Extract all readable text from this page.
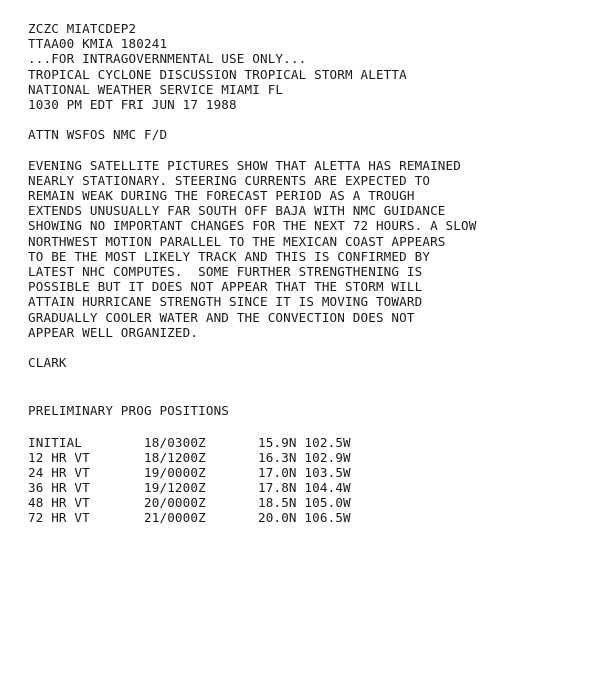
ZCZC MIATCDEP2
TTAA00 KMIA 180241
...FOR INTRAGOVERNMENTAL USE ONLY...
TROPICAL CYCLONE DISCUSSION TROPICAL STORM ALETTA
NATIONAL WEATHER SERVICE MIAMI FL
1030 PM EDT FRI JUN 17 1988
ATTN WSFOS NMC F/D
EVENING SATELLITE PICTURES SHOW THAT ALETTA HAS REMAINED
NEARLY STATIONARY. STEERING CURRENTS ARE EXPECTED TO
REMAIN WEAK DURING THE FORECAST PERIOD AS A TROUGH
EXTENDS UNUSUALLY FAR SOUTH OFF BAJA WITH NMC GUIDANCE
SHOWING NO IMPORTANT CHANGES FOR THE NEXT 72 HOURS. A SLOW
NORTHWEST MOTION PARALLEL TO THE MEXICAN COAST APPEARS
TO BE THE MOST LIKELY TRACK AND THIS IS CONFIRMED BY
LATEST NHC COMPUTES.  SOME FURTHER STRENGTHENING IS
POSSIBLE BUT IT DOES NOT APPEAR THAT THE STORM WILL
ATTAIN HURRICANE STRENGTH SINCE IT IS MOVING TOWARD
GRADUALLY COOLER WATER AND THE CONVECTION DOES NOT
APPEAR WELL ORGANIZED.
CLARK
PRELIMINARY PROG POSITIONS
INITIAL	18/0300Z	15.9N 102.5W
12 HR VT	18/1200Z	16.3N 102.9W
24 HR VT	19/0000Z	17.0N 103.5W
36 HR VT	19/1200Z	17.8N 104.4W
48 HR VT	20/0000Z	18.5N 105.0W
72 HR VT	21/0000Z	20.0N 106.5W
